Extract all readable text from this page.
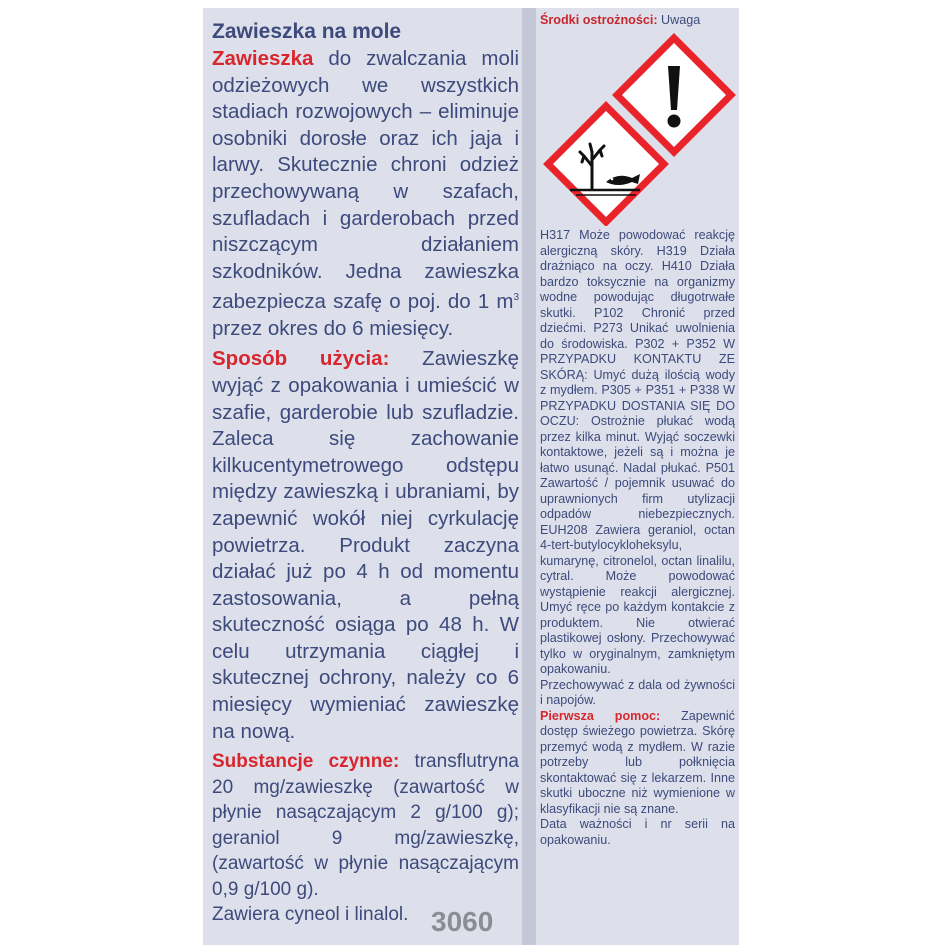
Zawieszka na mole

Zawieszka do zwalczania moli odzieżowych we wszystkich stadiach rozwojowych – eliminuje osobniki dorosłe oraz ich jaja i larwy. Skutecznie chroni odzież przechowywaną w szafach, szufladach i garderobach przed niszczącym działaniem szkodników. Jedna zawieszka zabezpiecza szafę o poj. do 1 $m^3$ przez okres do 6 miesięcy.

Sposób użycia: Zawieszkę wyjąć z opakowania i umieścić w szafie, garderobie lub szufladzie. Zaleca się zachowanie kilkucentymetrowego odstępu między zawieszką i ubraniami, by zapewnić wokół niej cyrkulację powietrza. Produkt zaczyna działać już po 4 h od momentu zastosowania, a pełną skuteczność osiąga po 48 h. W celu utrzymania ciągłej i skutecznej ochrony, należy co 6 miesięcy wymieniać zawieszkę na nową.

Substancje czynne: transflutryna 20 mg/zawieszkę (zawartość w płynie nasączającym 2 g/100 g); geraniol 9 mg/zawieszkę, (zawartość w płynie nasączającym 0,9 g/100 g).

Zawiera cyneol i linalol. 3060
Środki ostrożności: Uwaga

H317 Może powodować reakcję alergiczną skóry. H319 Działa drażniąco na oczy. H410 Działa bardzo toksycznie na organizmy wodne powodując długotrwałe skutki. P102 Chronić przed dziećmi. P273 Unikać uwolnienia do środowiska. P302 + P352 W PRZYPADKU KONTAKTU ZE SKÓRĄ: Umyć dużą ilością wody z mydłem. P305 + P351 + P338 W PRZYPADKU DOSTANIA SIĘ DO OCZU: Ostrożnie płukać wodą przez kilka minut. Wyjąć soczewki kontaktowe, jeżeli są i można je łatwo usunąć. Nadal płukać. P501 Zawartość / pojemnik usuwać do uprawnionych firm utylizacji odpadów niebezpiecznych. EUH208 Zawiera geraniol, octan 4-tert-butylocykloheksylu, kumarynę, citronelol, octan linalilu, cytral. Może powodować wystąpienie reakcji alergicznej. Umyć ręce po każdym kontakcie z produktem. Nie otwierać plastikowej osłony. Przechowywać tylko w oryginalnym, zamkniętym opakowaniu.

Przechowywać z dala od żywności i napojów.

Pierwsza pomoc: Zapewnić dostęp świeżego powietrza. Skórę przemyć wodą z mydłem. W razie potrzeby lub połknięcia skontaktować się z lekarzem. Inne skutki uboczne niż wymienione w klasyfikacji nie są znane.

Data ważności i nr serii na opakowaniu.
